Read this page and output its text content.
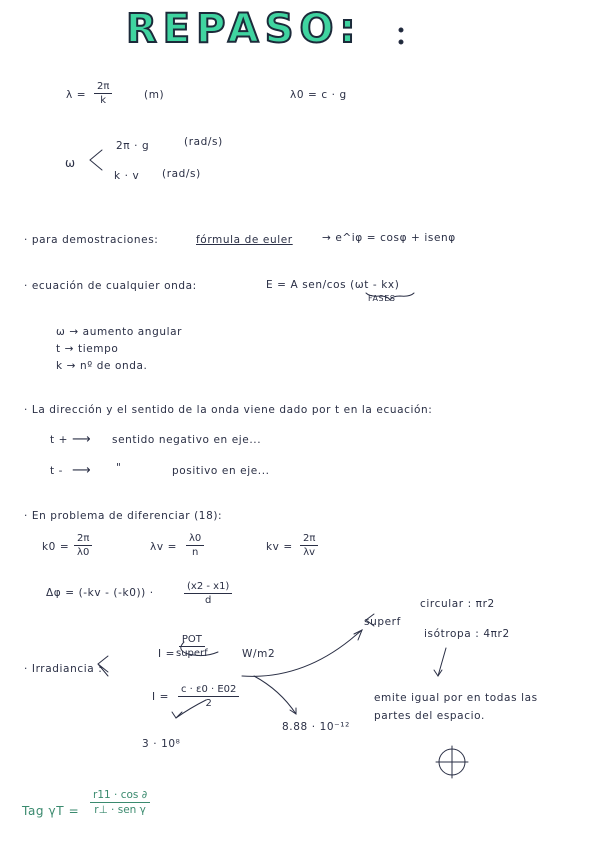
REPASO:
$\lambda = \frac{2\pi}{k}$	(m)	λ0 = c · g
ω
2π · g	(rad/s)
k · v (rad/s)
· para demostraciones:	fórmula de euler	→ e^iφ = cosφ + isenφ
· ecuación de cualquier onda:	E = A sen/cos (ωt - kx)
FASES
ω → aumento angular
t → tiempo
k → nº de onda.
· La dirección y el sentido de la onda viene dado por t en la ecuación:
t + ⟶ sentido negativo en eje...
t - ⟶ "	positivo en eje...
· En problema de diferenciar (18):
$k0 = \frac{2\pi}{\lambda 0}$	$\lambda v = \frac{\lambda 0}{n}$	kv = $\frac{2\pi}{\lambda v}$
Δφ = (-kv - (-k0)) ·	$\frac{(x2 - x1)}{d}$
superf
circular : πr2
isótropa : 4πr2
· Irradiancia :
I =
POT
superf	W/m2
$I = \frac{c \cdot \varepsilon 0 \cdot E02}{2}$
3 · 10⁸
8.88 · 10⁻¹²
emite igual por en todas las partes del espacio.
Tag γT =
r11 · cos ∂
r⊥ · sen γ
